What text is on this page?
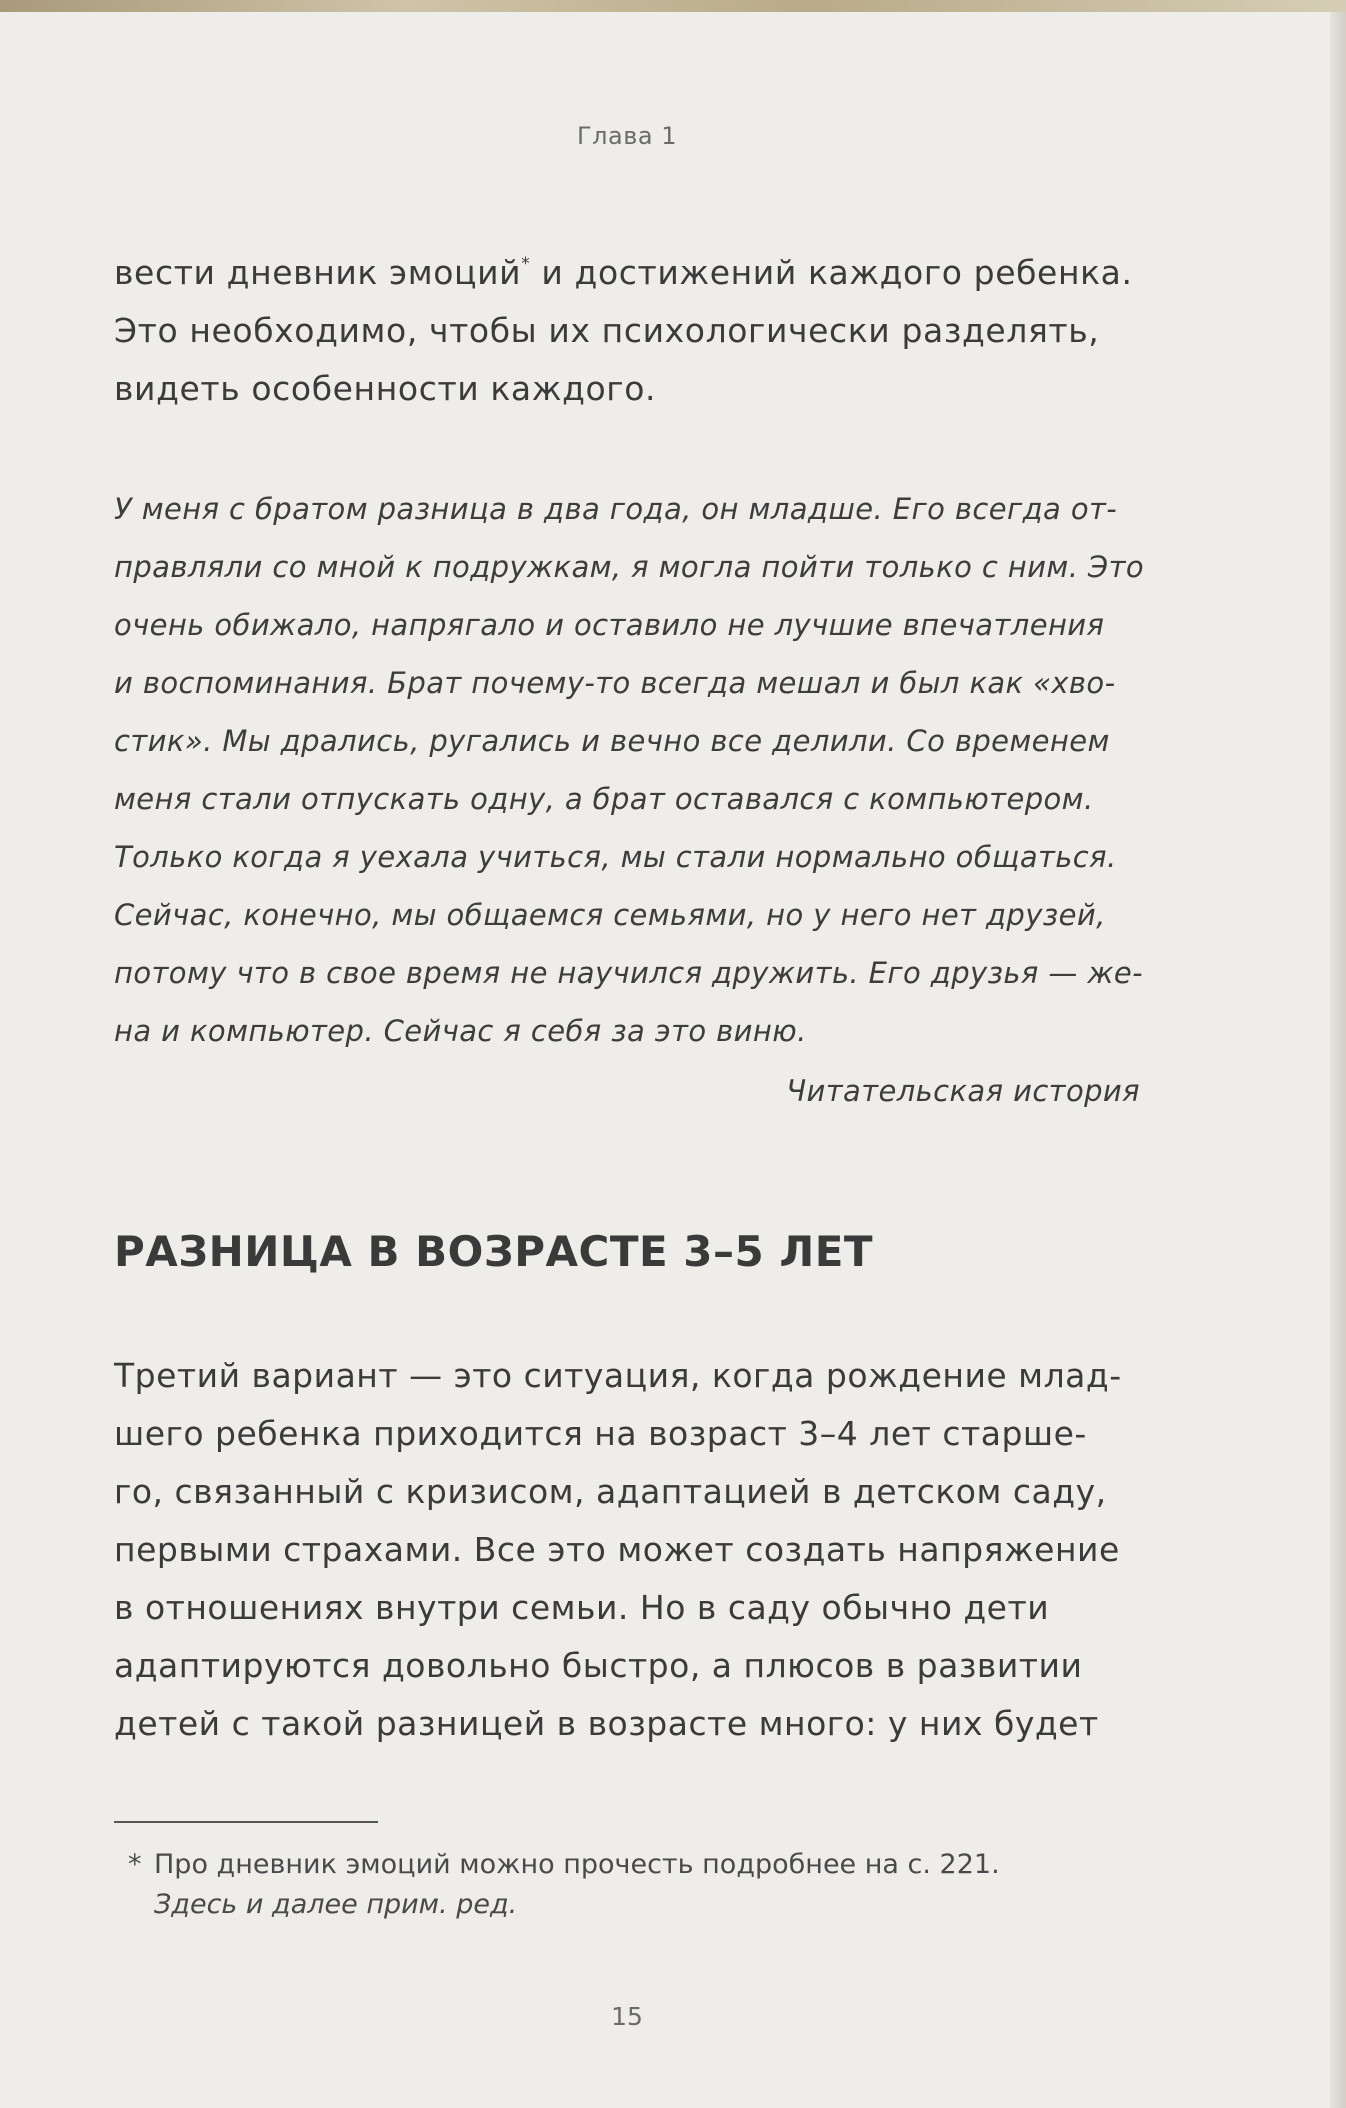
Глава 1
вести дневник эмоций* и достижений каждого ребенка.
Это необходимо, чтобы их психологически разделять,
видеть особенности каждого.
У меня с братом разница в два года, он младше. Его всегда от-
правляли со мной к подружкам, я могла пойти только с ним. Это
очень обижало, напрягало и оставило не лучшие впечатления
и воспоминания. Брат почему-то всегда мешал и был как «хво-
стик». Мы дрались, ругались и вечно все делили. Со временем
меня стали отпускать одну, а брат оставался с компьютером.
Только когда я уехала учиться, мы стали нормально общаться.
Сейчас, конечно, мы общаемся семьями, но у него нет друзей,
потому что в свое время не научился дружить. Его друзья — же-
на и компьютер. Сейчас я себя за это виню.
Читательская история
РАЗНИЦА В ВОЗРАСТЕ 3–5 ЛЕТ
Третий вариант — это ситуация, когда рождение млад-
шего ребенка приходится на возраст 3–4 лет старше-
го, связанный с кризисом, адаптацией в детском саду,
первыми страхами. Все это может создать напряжение
в отношениях внутри семьи. Но в саду обычно дети
адаптируются довольно быстро, а плюсов в развитии
детей с такой разницей в возрасте много: у них будет
* Про дневник эмоций можно прочесть подробнее на с. 221.
Здесь и далее прим. ред.
15
